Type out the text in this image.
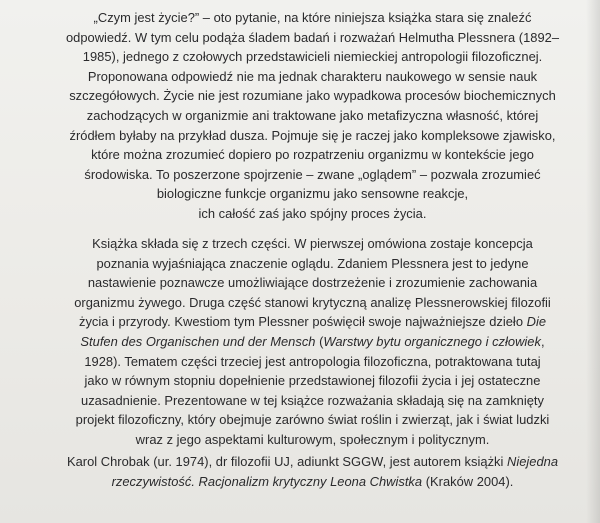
„Czym jest życie?” – oto pytanie, na które niniejsza książka stara się znaleźć
odpowiedź. W tym celu podąża śladem badań i rozważań Helmutha Plessnera (1892–
1985), jednego z czołowych przedstawicieli niemieckiej antropologii filozoficznej.
Proponowana odpowiedź nie ma jednak charakteru naukowego w sensie nauk
szczegółowych. Życie nie jest rozumiane jako wypadkowa procesów biochemicznych
zachodzących w organizmie ani traktowane jako metafizyczna własność, której
źródłem byłaby na przykład dusza. Pojmuje się je raczej jako kompleksowe zjawisko,
które można zrozumieć dopiero po rozpatrzeniu organizmu w kontekście jego
środowiska. To poszerzone spojrzenie – zwane „oglądem” – pozwala zrozumieć
biologiczne funkcje organizmu jako sensowne reakcje,
ich całość zaś jako spójny proces życia.

Książka składa się z trzech części. W pierwszej omówiona zostaje koncepcja
poznania wyjaśniająca znaczenie oglądu. Zdaniem Plessnera jest to jedyne
nastawienie poznawcze umożliwiające dostrzeżenie i zrozumienie zachowania
organizmu żywego. Druga część stanowi krytyczną analizę Plessnerowskiej filozofii
życia i przyrody. Kwestiom tym Plessner poświęcił swoje najważniejsze dzieło Die
Stufen des Organischen und der Mensch (Warstwy bytu organicznego i człowiek,
1928). Tematem części trzeciej jest antropologia filozoficzna, potraktowana tutaj
jako w równym stopniu dopełnienie przedstawionej filozofii życia i jej ostateczne
uzasadnienie. Prezentowane w tej książce rozważania składają się na zamknięty
projekt filozoficzny, który obejmuje zarówno świat roślin i zwierząt, jak i świat ludzki
wraz z jego aspektami kulturowym, społecznym i politycznym.

Karol Chrobak (ur. 1974), dr filozofii UJ, adiunkt SGGW, jest autorem książki Niejedna
rzeczywistość. Racjonalizm krytyczny Leona Chwistka (Kraków 2004).
